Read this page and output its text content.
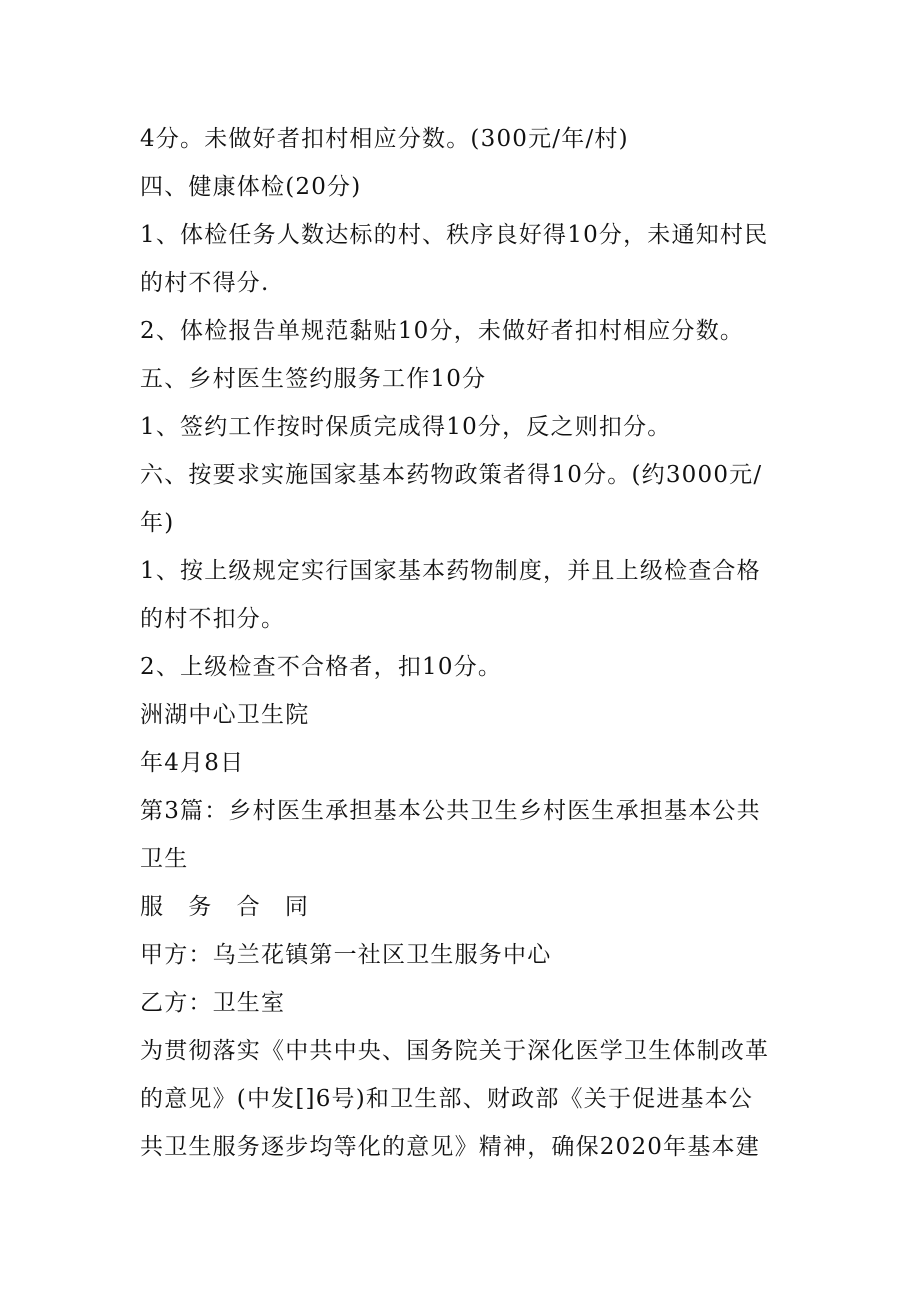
4分。未做好者扣村相应分数。(300元/年/村)
四、健康体检(20分)
1、体检任务人数达标的村、秩序良好得10分，未通知村民
的村不得分.
2、体检报告单规范黏贴10分，未做好者扣村相应分数。
五、乡村医生签约服务工作10分
1、签约工作按时保质完成得10分，反之则扣分。
六、按要求实施国家基本药物政策者得10分。(约3000元/
年)
1、按上级规定实行国家基本药物制度，并且上级检查合格
的村不扣分。
2、上级检查不合格者，扣10分。
洲湖中心卫生院
年4月8日
第3篇：乡村医生承担基本公共卫生乡村医生承担基本公共
卫生
服 务 合 同
甲方：乌兰花镇第一社区卫生服务中心
乙方：卫生室
为贯彻落实《中共中央、国务院关于深化医学卫生体制改革
的意见》(中发[]6号)和卫生部、财政部《关于促进基本公
共卫生服务逐步均等化的意见》精神，确保2020年基本建
